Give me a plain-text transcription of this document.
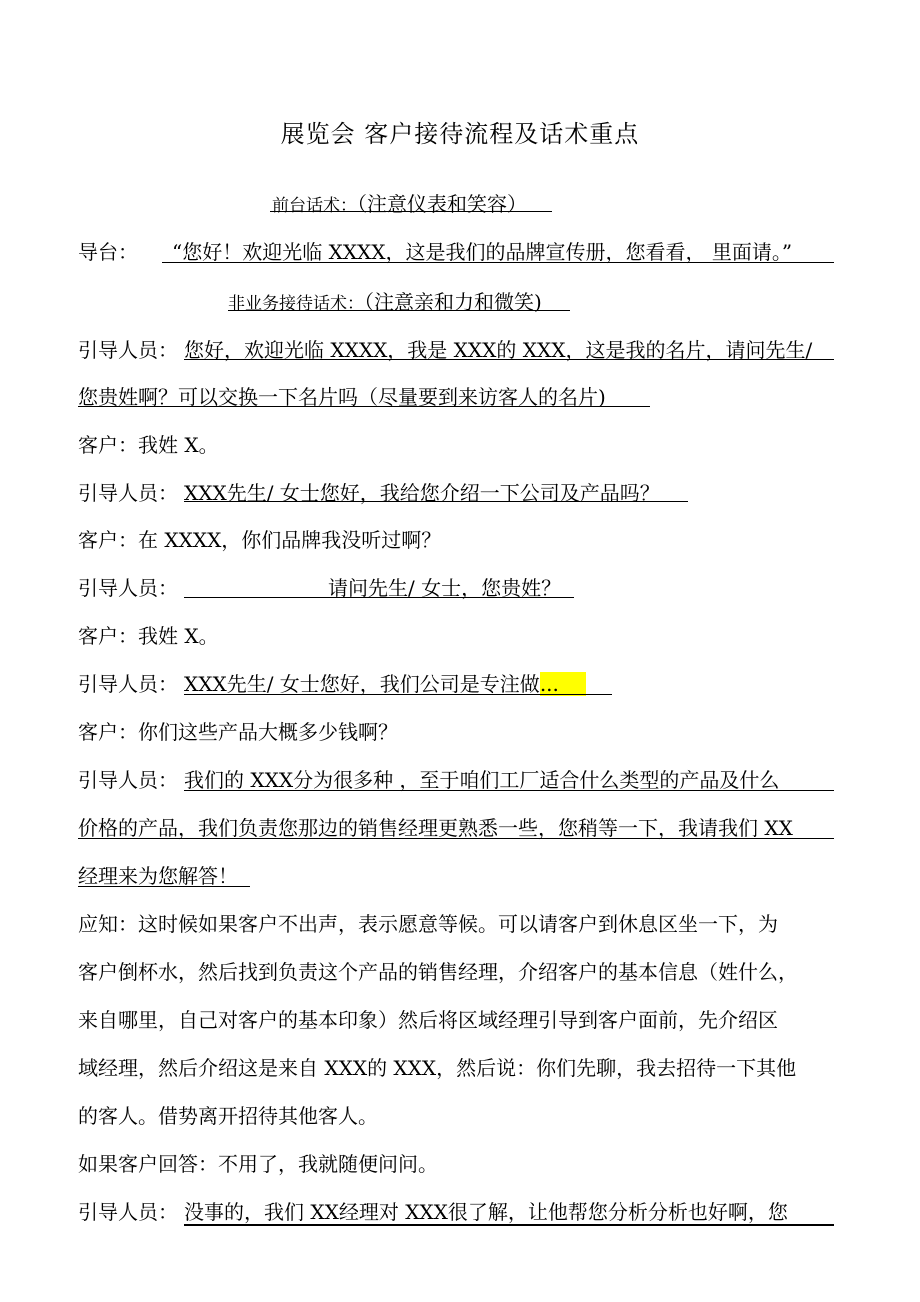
展览会 客户接待流程及话术重点
前台话术：（注意仪表和笑容）
导台： “您好！欢迎光临 XXXX，这是我们的品牌宣传册，您看看， 里面请。”
非业务接待话术：（注意亲和力和微笑)
引导人员： 您好，欢迎光临 XXXX，我是 XXX的 XXX，这是我的名片，请问先生/
您贵姓啊？可以交换一下名片吗（尽量要到来访客人的名片)
客户：我姓 X。
引导人员： XXX先生/ 女士您好，我给您介绍一下公司及产品吗？
客户：在 XXXX，你们品牌我没听过啊？
引导人员：	请问先生/ 女士，您贵姓？
客户：我姓 X。
引导人员： XXX先生/ 女士您好，我们公司是专注做...
客户：你们这些产品大概多少钱啊？
引导人员： 我们的 XXX分为很多种 ，至于咱们工厂适合什么类型的产品及什么
价格的产品，我们负责您那边的销售经理更熟悉一些，您稍等一下，我请我们 XX
经理来为您解答！
应知：这时候如果客户不出声，表示愿意等候。可以请客户到休息区坐一下，为
客户倒杯水，然后找到负责这个产品的销售经理，介绍客户的基本信息（姓什么，
来自哪里，自己对客户的基本印象）然后将区域经理引导到客户面前，先介绍区
域经理，然后介绍这是来自 XXX的 XXX，然后说：你们先聊，我去招待一下其他
的客人。借势离开招待其他客人。
如果客户回答：不用了，我就随便问问。
引导人员： 没事的，我们 XX经理对 XXX很了解，让他帮您分析分析也好啊，您
